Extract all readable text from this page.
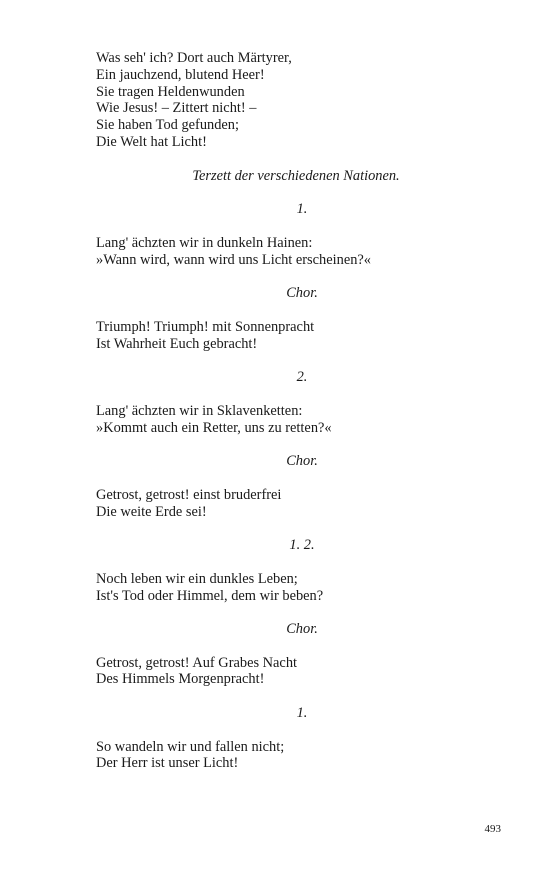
Was seh' ich? Dort auch Märtyrer,
Ein jauchzend, blutend Heer!
Sie tragen Heldenwunden
Wie Jesus! – Zittert nicht! –
Sie haben Tod gefunden;
Die Welt hat Licht!
Terzett der verschiedenen Nationen.
1.
Lang' ächzten wir in dunkeln Hainen:
»Wann wird, wann wird uns Licht erscheinen?«
Chor.
Triumph! Triumph! mit Sonnenpracht
Ist Wahrheit Euch gebracht!
2.
Lang' ächzten wir in Sklavenketten:
»Kommt auch ein Retter, uns zu retten?«
Chor.
Getrost, getrost! einst bruderfrei
Die weite Erde sei!
1. 2.
Noch leben wir ein dunkles Leben;
Ist's Tod oder Himmel, dem wir beben?
Chor.
Getrost, getrost! Auf Grabes Nacht
Des Himmels Morgenpracht!
1.
So wandeln wir und fallen nicht;
Der Herr ist unser Licht!
493
